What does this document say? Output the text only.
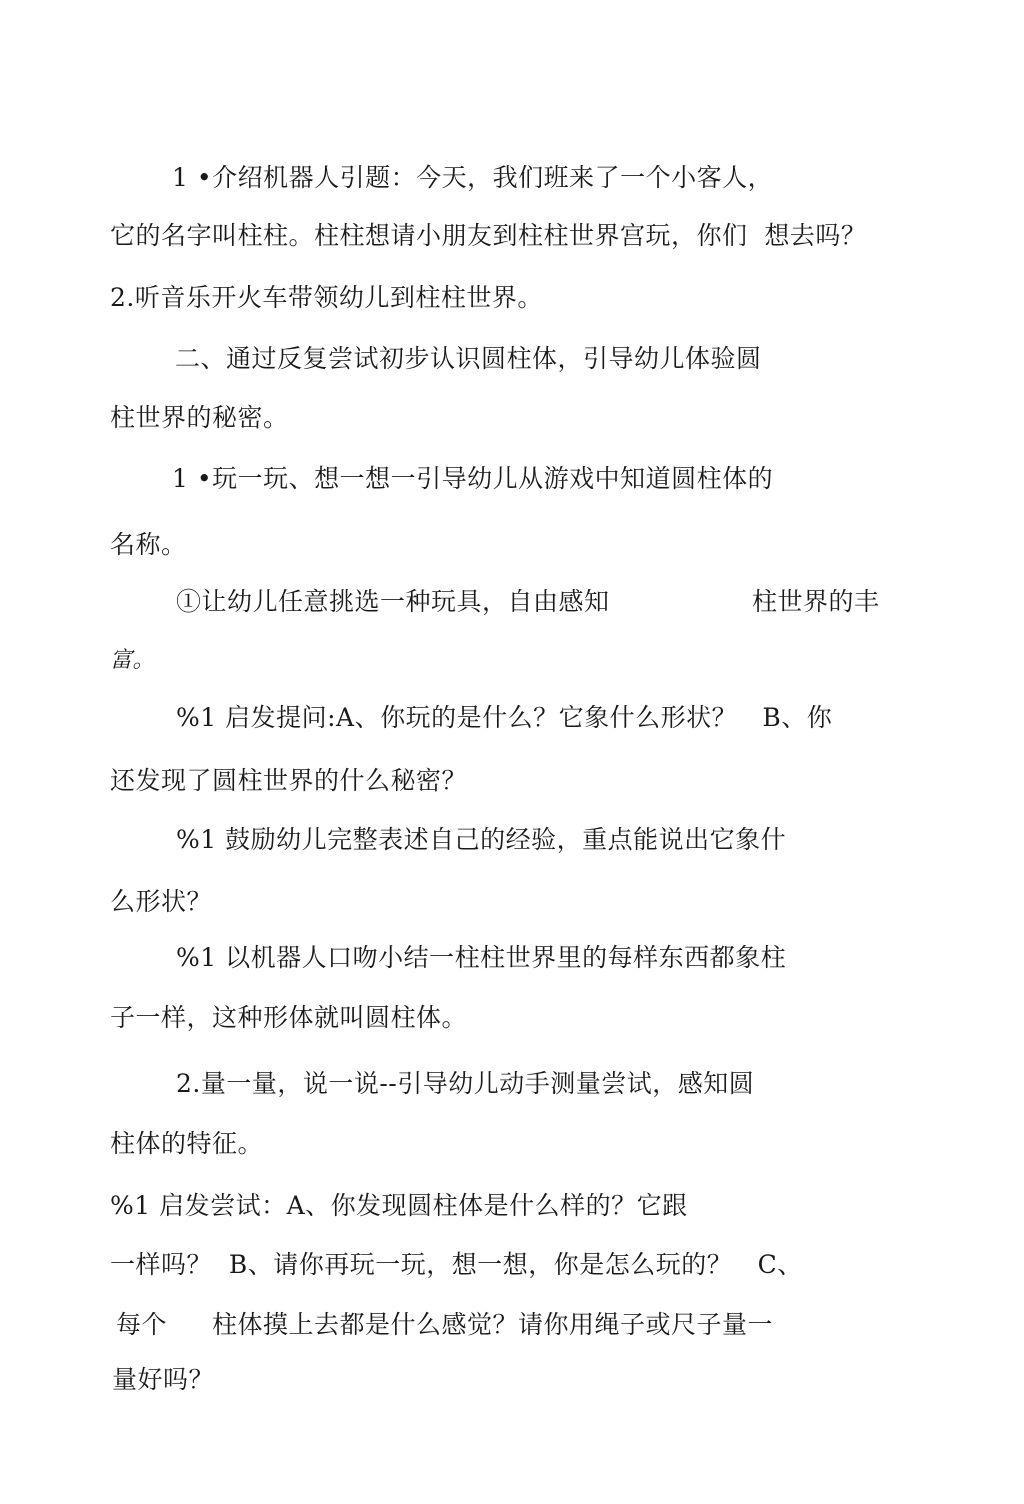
1 •介绍机器人引题：今天，我们班来了一个小客人，
它的名字叫柱柱。柱柱想请小朋友到柱柱世界宫玩，你们  想去吗？
2.听音乐开火车带领幼儿到柱柱世界。
二、通过反复尝试初步认识圆柱体，引导幼儿体验圆
柱世界的秘密。
1 •玩一玩、想一想一引导幼儿从游戏中知道圆柱体的
名称。
①让幼儿任意挑选一种玩具，自由感知	柱世界的丰
富。
%1 启发提问:A、你玩的是什么？它象什么形状？   B、你
还发现了圆柱世界的什么秘密？
%1 鼓励幼儿完整表述自己的经验，重点能说出它象什
么形状？
%1 以机器人口吻小结一柱柱世界里的每样东西都象柱
子一样，这种形体就叫圆柱体。
2.量一量，说一说--引导幼儿动手测量尝试，感知圆
柱体的特征。
%1 启发尝试：A、你发现圆柱体是什么样的？它跟
一样吗？  B、请你再玩一玩，想一想，你是怎么玩的？   C、
每个 柱体摸上去都是什么感觉？请你用绳子或尺子量一
量好吗？
